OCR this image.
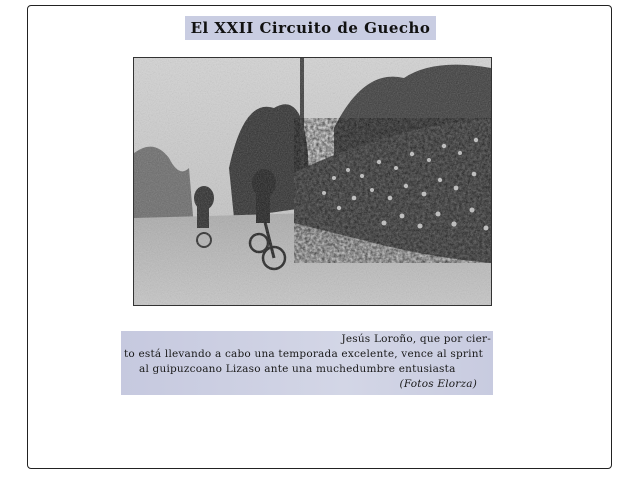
El XXII Circuito de Guecho
Jesús Loroño, que por cier-
to está llevando a cabo una temporada excelente, vence al sprint
al guipuzcoano Lizaso ante una muchedumbre entusiasta
(Fotos Elorza)
